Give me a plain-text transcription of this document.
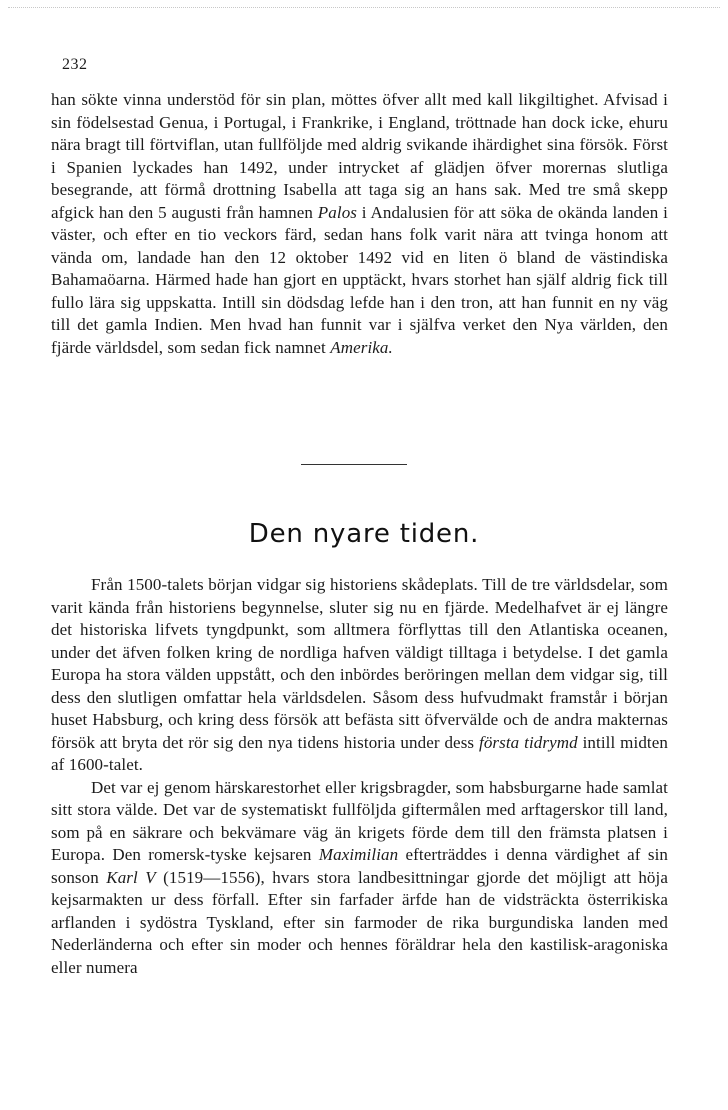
232

han sökte vinna understöd för sin plan, möttes öfver allt med kall likgiltighet. Afvisad i sin födelsestad Genua, i Portugal, i Frankrike, i England, tröttnade han dock icke, ehuru nära bragt till förtviflan, utan fullföljde med aldrig svikande ihärdighet sina försök. Först i Spanien lyckades han 1492, under intrycket af glädjen öfver morernas slutliga besegrande, att förmå drottning Isabella att taga sig an hans sak. Med tre små skepp afgick han den 5 augusti från hamnen Palos i Andalusien för att söka de okända landen i väster, och efter en tio veckors färd, sedan hans folk varit nära att tvinga honom att vända om, landade han den 12 oktober 1492 vid en liten ö bland de västindiska Bahamaöarna. Härmed hade han gjort en upptäckt, hvars storhet han själf aldrig fick till fullo lära sig uppskatta. Intill sin dödsdag lefde han i den tron, att han funnit en ny väg till det gamla Indien. Men hvad han funnit var i själfva verket den Nya världen, den fjärde världsdel, som sedan fick namnet Amerika.

Den nyare tiden.

Från 1500-talets början vidgar sig historiens skådeplats. Till de tre världsdelar, som varit kända från historiens begynnelse, sluter sig nu en fjärde. Medelhafvet är ej längre det historiska lifvets tyngdpunkt, som alltmera förflyttas till den Atlantiska oceanen, under det äfven folken kring de nordliga hafven väldigt tilltaga i betydelse. I det gamla Europa ha stora välden uppstått, och den inbördes beröringen mellan dem vidgar sig, till dess den slutligen omfattar hela världsdelen. Såsom dess hufvudmakt framstår i början huset Habsburg, och kring dess försök att befästa sitt öfvervälde och de andra makternas försök att bryta det rör sig den nya tidens historia under dess första tidrymd intill midten af 1600-talet.

Det var ej genom härskarestorhet eller krigsbragder, som habsburgarne hade samlat sitt stora välde. Det var de systematiskt fullföljda giftermålen med arftagerskor till land, som på en säkrare och bekvämare väg än krigets förde dem till den främsta platsen i Europa. Den romersk-tyske kejsaren Maximilian efterträddes i denna värdighet af sin sonson Karl V (1519—1556), hvars stora landbesittningar gjorde det möjligt att höja kejsarmakten ur dess förfall. Efter sin farfader ärfde han de vidsträckta österrikiska arflanden i sydöstra Tyskland, efter sin farmoder de rika burgundiska landen med Nederländerna och efter sin moder och hennes föräldrar hela den kastilisk-aragoniska eller numera
